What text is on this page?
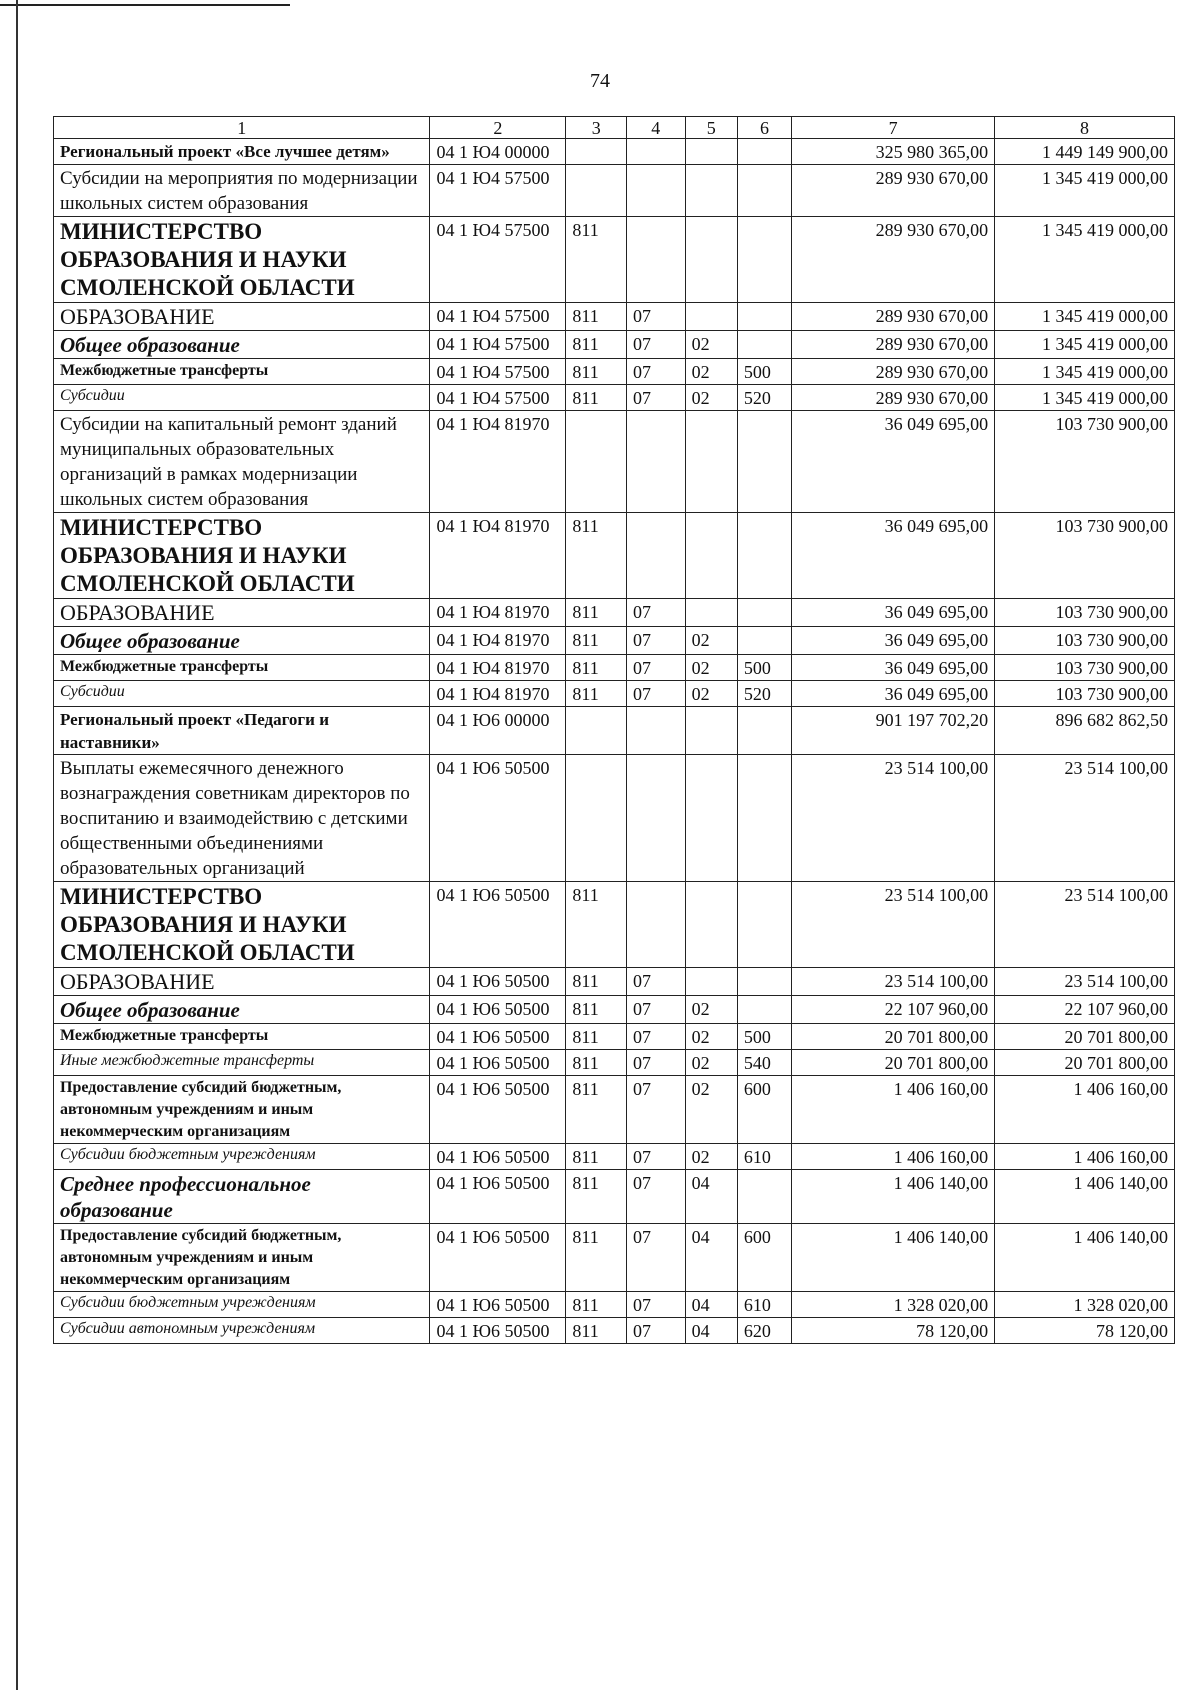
74
1	2	3	4	5	6	7	8
Региональный проект «Все лучшее детям»	04 1 Ю4 00000					325 980 365,00	1 449 149 900,00
Субсидии на мероприятия по модернизации школьных систем образования	04 1 Ю4 57500					289 930 670,00	1 345 419 000,00
МИНИСТЕРСТВО ОБРАЗОВАНИЯ И НАУКИ СМОЛЕНСКОЙ ОБЛАСТИ	04 1 Ю4 57500	811				289 930 670,00	1 345 419 000,00
ОБРАЗОВАНИЕ	04 1 Ю4 57500	811	07			289 930 670,00	1 345 419 000,00
Общее образование	04 1 Ю4 57500	811	07	02		289 930 670,00	1 345 419 000,00
Межбюджетные трансферты	04 1 Ю4 57500	811	07	02	500	289 930 670,00	1 345 419 000,00
Субсидии	04 1 Ю4 57500	811	07	02	520	289 930 670,00	1 345 419 000,00
Субсидии на капитальный ремонт зданий муниципальных образовательных организаций в рамках модернизации школьных систем образования	04 1 Ю4 81970					36 049 695,00	103 730 900,00
МИНИСТЕРСТВО ОБРАЗОВАНИЯ И НАУКИ СМОЛЕНСКОЙ ОБЛАСТИ	04 1 Ю4 81970	811				36 049 695,00	103 730 900,00
ОБРАЗОВАНИЕ	04 1 Ю4 81970	811	07			36 049 695,00	103 730 900,00
Общее образование	04 1 Ю4 81970	811	07	02		36 049 695,00	103 730 900,00
Межбюджетные трансферты	04 1 Ю4 81970	811	07	02	500	36 049 695,00	103 730 900,00
Субсидии	04 1 Ю4 81970	811	07	02	520	36 049 695,00	103 730 900,00
Региональный проект «Педагоги и наставники»	04 1 Ю6 00000					901 197 702,20	896 682 862,50
Выплаты ежемесячного денежного вознаграждения советникам директоров по воспитанию и взаимодействию с детскими общественными объединениями образовательных организаций	04 1 Ю6 50500					23 514 100,00	23 514 100,00
МИНИСТЕРСТВО ОБРАЗОВАНИЯ И НАУКИ СМОЛЕНСКОЙ ОБЛАСТИ	04 1 Ю6 50500	811				23 514 100,00	23 514 100,00
ОБРАЗОВАНИЕ	04 1 Ю6 50500	811	07			23 514 100,00	23 514 100,00
Общее образование	04 1 Ю6 50500	811	07	02		22 107 960,00	22 107 960,00
Межбюджетные трансферты	04 1 Ю6 50500	811	07	02	500	20 701 800,00	20 701 800,00
Иные межбюджетные трансферты	04 1 Ю6 50500	811	07	02	540	20 701 800,00	20 701 800,00
Предоставление субсидий бюджетным, автономным учреждениям и иным некоммерческим организациям	04 1 Ю6 50500	811	07	02	600	1 406 160,00	1 406 160,00
Субсидии бюджетным учреждениям	04 1 Ю6 50500	811	07	02	610	1 406 160,00	1 406 160,00
Среднее профессиональное образование	04 1 Ю6 50500	811	07	04		1 406 140,00	1 406 140,00
Предоставление субсидий бюджетным, автономным учреждениям и иным некоммерческим организациям	04 1 Ю6 50500	811	07	04	600	1 406 140,00	1 406 140,00
Субсидии бюджетным учреждениям	04 1 Ю6 50500	811	07	04	610	1 328 020,00	1 328 020,00
Субсидии автономным учреждениям	04 1 Ю6 50500	811	07	04	620	78 120,00	78 120,00
